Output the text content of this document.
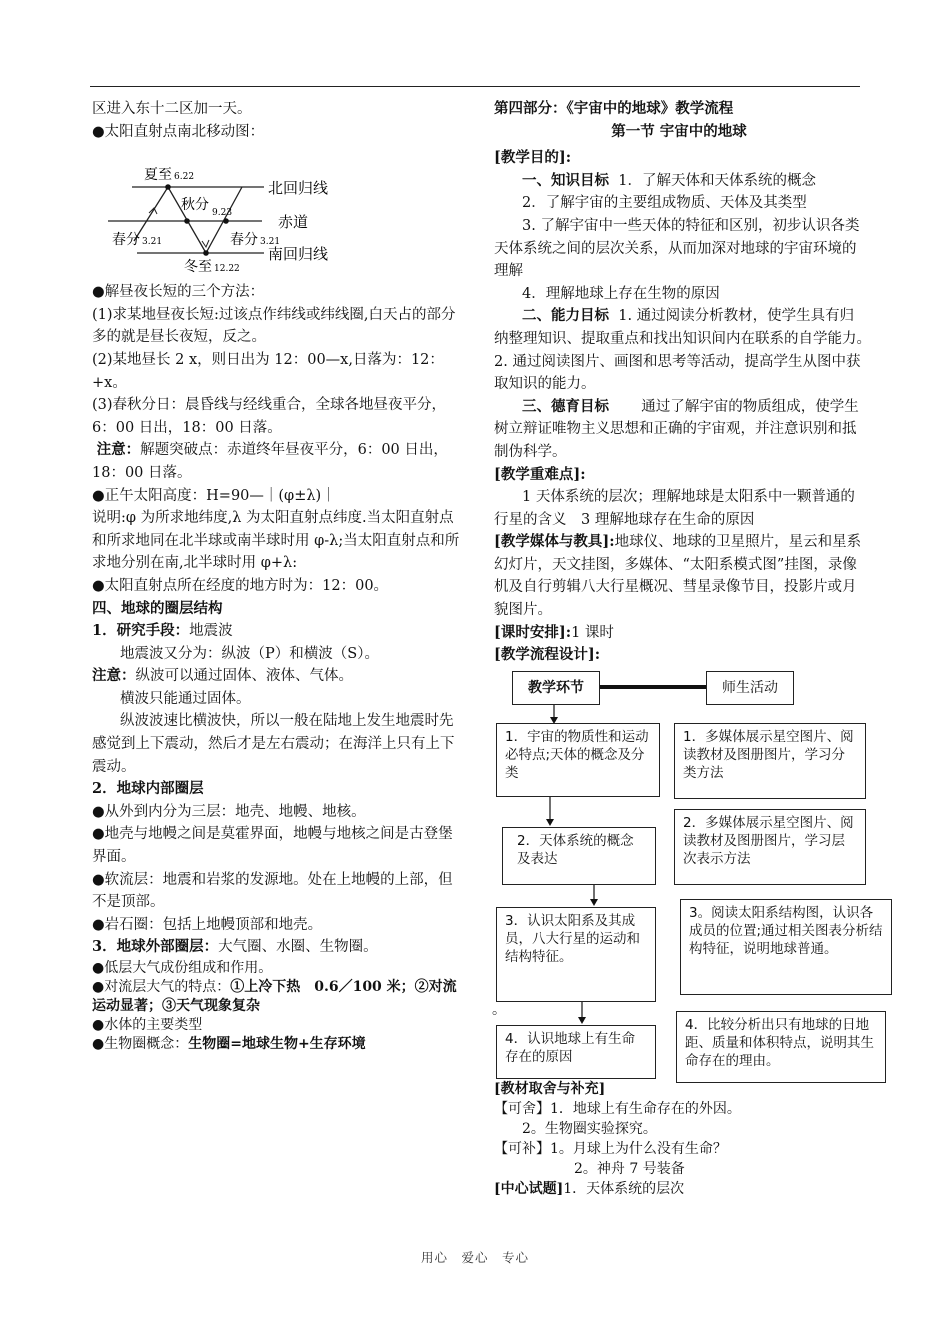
区进入东十二区加一天。

●太阳直射点南北移动图：

夏至 6.22
秋分 9.23
春分 3.21	春分 3.21
冬至 12.22
北回归线
赤道
南回归线

●解昼夜长短的三个方法：

(1)求某地昼夜长短:过该点作纬线或纬线圈,白天占的部分多的就是昼长夜短，反之。

(2)某地昼长 2 x，则日出为 12：00—x,日落为：12：+x。

(3)春秋分日：晨昏线与经线重合，全球各地昼夜平分，6：00 日出，18：00 日落。

注意：解题突破点：赤道终年昼夜平分，6：00 日出，18：00 日落。

●正午太阳高度：H=90—｜(φ±λ)｜

说明:φ 为所求地纬度,λ 为太阳直射点纬度.当太阳直射点和所求地同在北半球或南半球时用 φ-λ;当太阳直射点和所求地分别在南,北半球时用 φ+λ:

●太阳直射点所在经度的地方时为：12：00。

四、地球的圈层结构

1．研究手段：地震波

地震波又分为：纵波（P）和横波（S）。

注意：纵波可以通过固体、液体、气体。

横波只能通过固体。

纵波波速比横波快，所以一般在陆地上发生地震时先感觉到上下震动，然后才是左右震动；在海洋上只有上下震动。

2．地球内部圈层

●从外到内分为三层：地壳、地幔、地核。

●地壳与地幔之间是莫霍界面，地幔与地核之间是古登堡界面。

●软流层：地震和岩浆的发源地。处在上地幔的上部，但不是顶部。

●岩石圈：包括上地幔顶部和地壳。

3．地球外部圈层：大气圈、水圈、生物圈。

●低层大气成份组成和作用。

●对流层大气的特点：①上冷下热　0.6／100 米；②对流运动显著；③天气现象复杂

●水体的主要类型

●生物圈概念：生物圈=地球生物+生存环境

第四部分：《宇宙中的地球》教学流程

第一节 宇宙中的地球

[教学目的]:

一、知识目标 1．了解天体和天体系统的概念

2．了解宇宙的主要组成物质、天体及其类型

3. 了解宇宙中一些天体的特征和区别，初步认识各类天体系统之间的层次关系，从而加深对地球的宇宙环境的理解

4．理解地球上存在生物的原因

二、能力目标 1. 通过阅读分析教材，使学生具有归纳整理知识、提取重点和找出知识间内在联系的自学能力。　2. 通过阅读图片、画图和思考等活动，提高学生从图中获取知识的能力。

三、德育目标 通过了解宇宙的物质组成，使学生树立辩证唯物主义思想和正确的宇宙观，并注意识别和抵制伪科学。

[教学重难点]:

1 天体系统的层次；理解地球是太阳系中一颗普通的行星的含义　3 理解地球存在生命的原因

[教学媒体与教具]:地球仪、地球的卫星照片，星云和星系幻灯片，天文挂图，多媒体、“太阳系模式图”挂图，录像机及自行剪辑八大行星概况、彗星录像节目，投影片或月貌图片。

[课时安排]:1 课时

[教学流程设计]:

教学环节	师生活动
1．宇宙的物质性和运动必特点;天体的概念及分类
1．多媒体展示星空图片、阅读教材及图册图片，学习分类方法
2．天体系统的概念及表达
2．多媒体展示星空图片、阅读教材及图册图片，学习层次表示方法
3．认识太阳系及其成员，八大行星的运动和结构特征。
3。阅读太阳系结构图，认识各成员的位置;通过相关图表分析结构特征，说明地球普通。
。
4．认识地球上有生命存在的原因
4．比较分析出只有地球的日地距、质量和体积特点，说明其生命存在的理由。

[教材取舍与补充]

【可舍】1．地球上有生命存在的外因。

2。生物圈实验探究。

【可补】1。月球上为什么没有生命？

2。神舟 7 号装备

[中心试题]1．天体系统的层次

用心　爱心　专心
